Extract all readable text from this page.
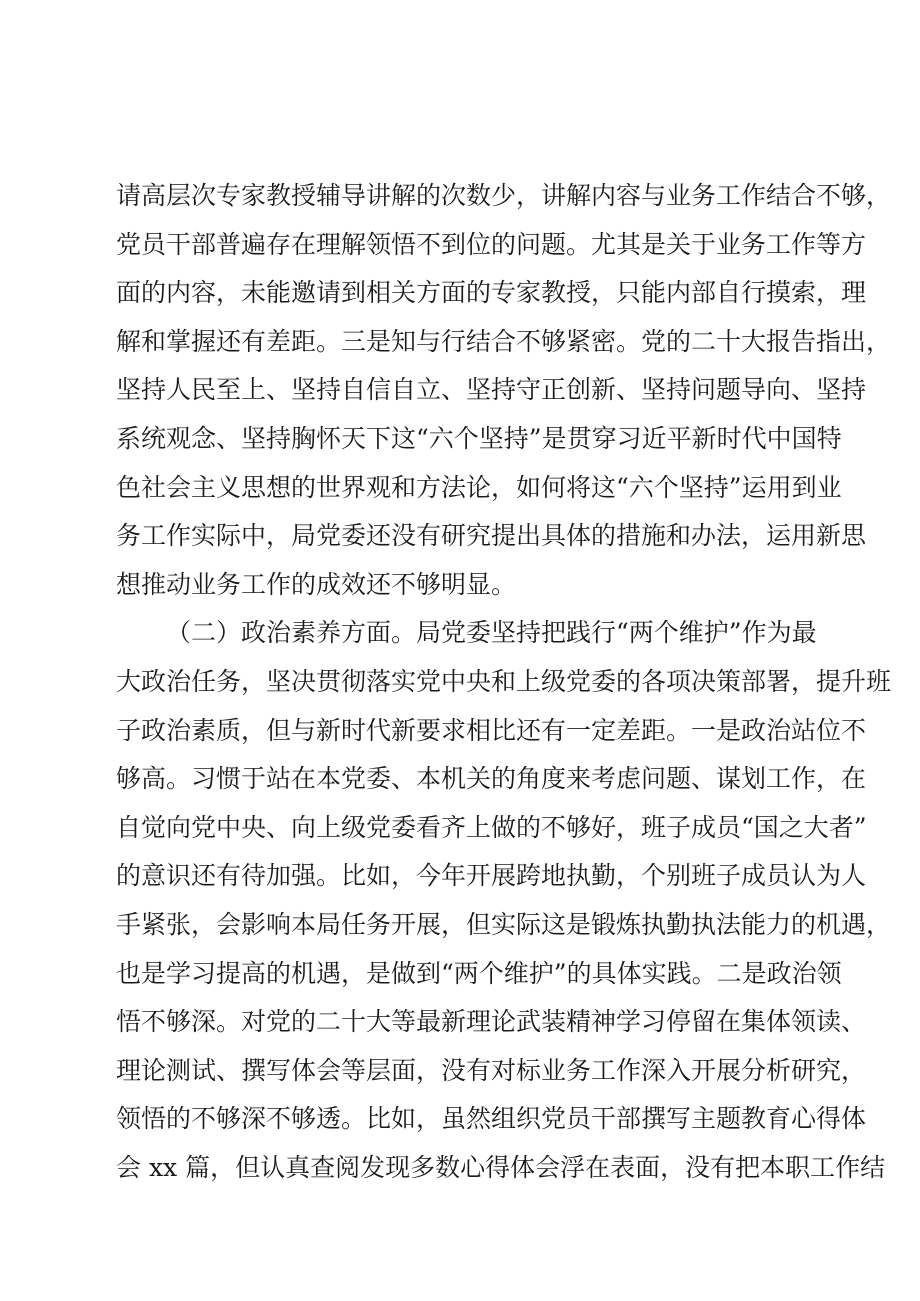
请高层次专家教授辅导讲解的次数少，讲解内容与业务工作结合不够，
党员干部普遍存在理解领悟不到位的问题。尤其是关于业务工作等方
面的内容，未能邀请到相关方面的专家教授，只能内部自行摸索，理
解和掌握还有差距。三是知与行结合不够紧密。党的二十大报告指出，
坚持人民至上、坚持自信自立、坚持守正创新、坚持问题导向、坚持
系统观念、坚持胸怀天下这“六个坚持”是贯穿习近平新时代中国特
色社会主义思想的世界观和方法论，如何将这“六个坚持”运用到业
务工作实际中，局党委还没有研究提出具体的措施和办法，运用新思
想推动业务工作的成效还不够明显。
（二）政治素养方面。局党委坚持把践行“两个维护”作为最
大政治任务，坚决贯彻落实党中央和上级党委的各项决策部署，提升班
子政治素质，但与新时代新要求相比还有一定差距。一是政治站位不
够高。习惯于站在本党委、本机关的角度来考虑问题、谋划工作，在
自觉向党中央、向上级党委看齐上做的不够好，班子成员“国之大者”
的意识还有待加强。比如，今年开展跨地执勤，个别班子成员认为人
手紧张，会影响本局任务开展，但实际这是锻炼执勤执法能力的机遇，
也是学习提高的机遇，是做到“两个维护”的具体实践。二是政治领
悟不够深。对党的二十大等最新理论武装精神学习停留在集体领读、
理论测试、撰写体会等层面，没有对标业务工作深入开展分析研究，
领悟的不够深不够透。比如，虽然组织党员干部撰写主题教育心得体
会 xx 篇，但认真查阅发现多数心得体会浮在表面，没有把本职工作结
